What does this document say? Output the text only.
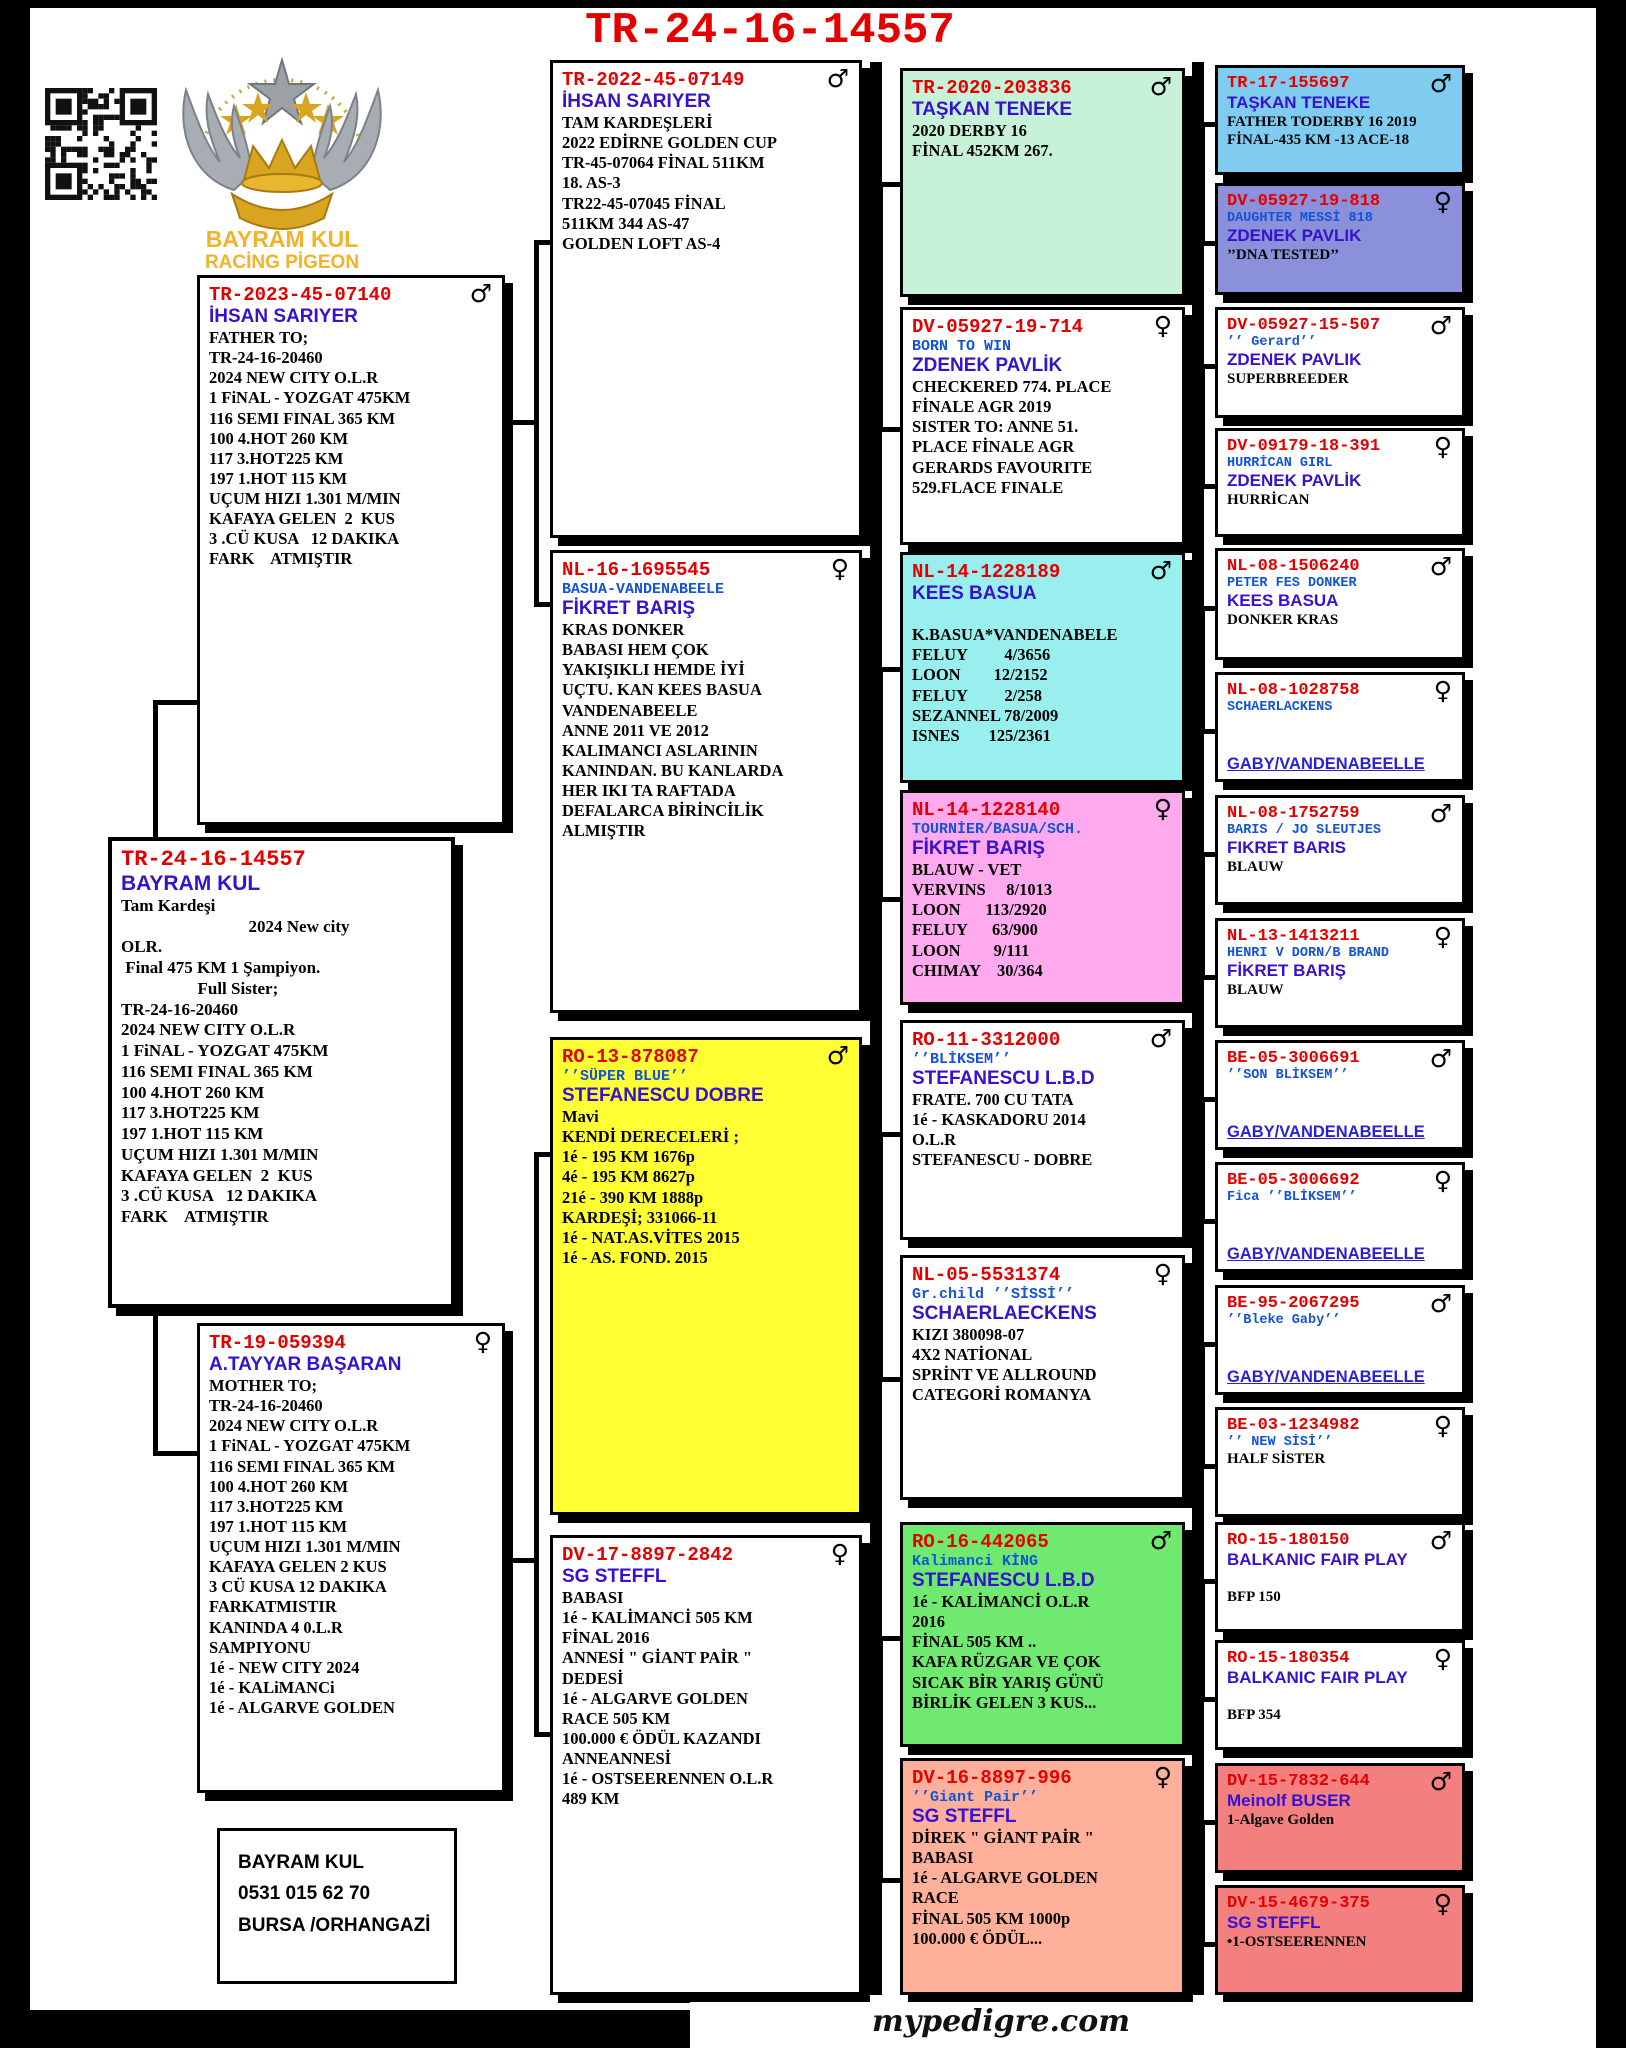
TR-24-16-14557
BAYRAM KUL
RACİNG PİGEON
TR-24-16-14557
BAYRAM KUL
Tam Kardeşi
2024 New city
OLR.
Final 475 KM 1 Şampiyon.
Full Sister;
TR-24-16-20460
2024 NEW CITY O.L.R
1 FiNAL - YOZGAT 475KM
116 SEMI FINAL 365 KM
100 4.HOT 260 KM
117 3.HOT225 KM
197 1.HOT 115 KM
UÇUM HIZI 1.301 M/MIN
KAFAYA GELEN  2  KUS
3 .CÜ KUSA   12 DAKIKA
FARK    ATMIŞTIR
♂
TR-2023-45-07140
İHSAN SARIYER
FATHER TO;
TR-24-16-20460
2024 NEW CITY O.L.R
1 FiNAL - YOZGAT 475KM
116 SEMI FINAL 365 KM
100 4.HOT 260 KM
117 3.HOT225 KM
197 1.HOT 115 KM
UÇUM HIZI 1.301 M/MIN
KAFAYA GELEN  2  KUS
3 .CÜ KUSA   12 DAKIKA
FARK    ATMIŞTIR
♀
TR-19-059394
A.TAYYAR BAŞARAN
MOTHER TO;
TR-24-16-20460
2024 NEW CITY O.L.R
1 FiNAL - YOZGAT 475KM
116 SEMI FINAL 365 KM
100 4.HOT 260 KM
117 3.HOT225 KM
197 1.HOT 115 KM
UÇUM HIZI 1.301 M/MIN
KAFAYA GELEN 2 KUS
3 CÜ KUSA 12 DAKIKA
FARKATMISTIR
KANINDA 4 0.L.R
SAMPIYONU
1é - NEW CITY 2024
1é - KALiMANCi
1é - ALGARVE GOLDEN
♂
TR-2022-45-07149
İHSAN SARIYER
TAM KARDEŞLERİ
2022 EDİRNE GOLDEN CUP
TR-45-07064 FİNAL 511KM
18. AS-3
TR22-45-07045 FİNAL
511KM 344 AS-47
GOLDEN LOFT AS-4
♀
NL-16-1695545
BASUA-VANDENABEELE
FİKRET BARIŞ
KRAS DONKER
BABASI HEM ÇOK
YAKIŞIKLI HEMDE İYİ
UÇTU. KAN KEES BASUA
VANDENABEELE
ANNE 2011 VE 2012
KALIMANCI ASLARININ
KANINDAN. BU KANLARDA
HER IKI TA RAFTADA
DEFALARCA BİRİNCİLİK
ALMIŞTIR
♂
RO-13-878087
’’SÜPER BLUE’’
STEFANESCU DOBRE
Mavi
KENDİ DERECELERİ ;
1é - 195 KM 1676p
4é - 195 KM 8627p
21é - 390 KM 1888p
KARDEŞİ; 331066-11
1é - NAT.AS.VİTES 2015
1é - AS. FOND. 2015
♀
DV-17-8897-2842
SG STEFFL
BABASI
1é - KALİMANCİ 505 KM
FİNAL 2016
ANNESİ " GİANT PAİR "
DEDESİ
1é - ALGARVE GOLDEN
RACE 505 KM
100.000 € ÖDÜL KAZANDI
ANNEANNESİ
1é - OSTSEERENNEN O.L.R
489 KM
♂
TR-2020-203836
TAŞKAN TENEKE
2020 DERBY 16
FİNAL 452KM 267.
♀
DV-05927-19-714
BORN TO WIN
ZDENEK PAVLİK
CHECKERED 774. PLACE
FİNALE AGR 2019
SISTER TO: ANNE 51.
PLACE FİNALE AGR
GERARDS FAVOURITE
529.FLACE FINALE
♂
NL-14-1228189
KEES BASUA

K.BASUA*VANDENABELE
FELUY         4/3656
LOON        12/2152
FELUY         2/258
SEZANNEL 78/2009
ISNES       125/2361
♀
NL-14-1228140
TOURNİER/BASUA/SCH.
FİKRET BARIŞ
BLAUW - VET
VERVINS     8/1013
LOON      113/2920
FELUY      63/900
LOON        9/111
CHIMAY    30/364
♂
RO-11-3312000
’’BLİKSEM’’
STEFANESCU L.B.D
FRATE. 700 CU TATA
1é - KASKADORU 2014
O.L.R
STEFANESCU - DOBRE
♀
NL-05-5531374
Gr.child ’’SİSSİ’’
SCHAERLAECKENS
KIZI 380098-07
4X2 NATİONAL
SPRİNT VE ALLROUND
CATEGORİ ROMANYA
♂
RO-16-442065
Kalimanci KİNG
STEFANESCU L.B.D
1é - KALİMANCİ O.L.R
2016
FİNAL 505 KM ..
KAFA RÜZGAR VE ÇOK
SICAK BİR YARIŞ GÜNÜ
BİRLİK GELEN 3 KUS...
♀
DV-16-8897-996
’’Giant Pair’’
SG STEFFL
DİREK " GİANT PAİR "
BABASI
1é - ALGARVE GOLDEN
RACE
FİNAL 505 KM 1000p
100.000 € ÖDÜL...
♂
TR-17-155697
TAŞKAN TENEKE
FATHER TODERBY 16 2019
FİNAL-435 KM -13 ACE-18
♀
DV-05927-19-818
DAUGHTER MESSİ 818
ZDENEK PAVLIK
’’DNA TESTED’’
♂
DV-05927-15-507
’’ Gerard’’
ZDENEK PAVLIK
SUPERBREEDER
♀
DV-09179-18-391
HURRİCAN GIRL
ZDENEK PAVLİK
HURRİCAN
♂
NL-08-1506240
PETER FES DONKER
KEES BASUA
DONKER KRAS
♀
NL-08-1028758
SCHAERLACKENS
GABY/VANDENABEELLE
♂
NL-08-1752759
BARIS / JO SLEUTJES
FIKRET BARIS
BLAUW
♀
NL-13-1413211
HENRI V DORN/B BRAND
FİKRET BARIŞ
BLAUW
♂
BE-05-3006691
’’SON BLİKSEM’’
GABY/VANDENABEELLE
♀
BE-05-3006692
Fica ’’BLİKSEM’’
GABY/VANDENABEELLE
♂
BE-95-2067295
’’Bleke Gaby’’
GABY/VANDENABEELLE
♀
BE-03-1234982
’’ NEW SİSİ’’
HALF SİSTER
♂
RO-15-180150
BALKANIC FAIR PLAY

BFP 150
♀
RO-15-180354
BALKANIC FAIR PLAY

BFP 354
♂
DV-15-7832-644
Meinolf BUSER
1-Algave Golden
♀
DV-15-4679-375
SG STEFFL
•1-OSTSEERENNEN
BAYRAM KUL
0531 015 62 70
BURSA /ORHANGAZİ
mypedigre.com
